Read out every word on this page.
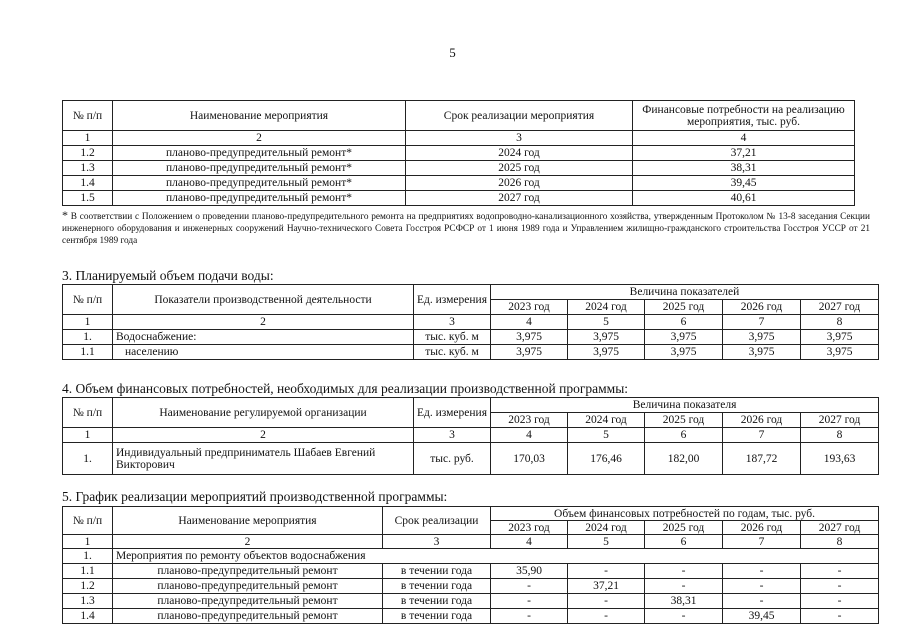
5
№ п/п	Наименование мероприятия	Срок реализации мероприятия	Финансовые потребности на реализацию мероприятия, тыс. руб.
1	2	3	4
1.2	планово-предупредительный ремонт*	2024 год	37,21
1.3	планово-предупредительный ремонт*	2025 год	38,31
1.4	планово-предупредительный ремонт*	2026 год	39,45
1.5	планово-предупредительный ремонт*	2027 год	40,61
* В соответствии с Положением о проведении планово-предупредительного ремонта на предприятиях водопроводно-канализационного хозяйства, утвержденным Протоколом № 13-8 заседания Секции инженерного оборудования и инженерных сооружений Научно-технического Совета Госстроя РСФСР от 1 июня 1989 года и Управлением жилищно-гражданского строительства Госстроя УССР от 21 сентября 1989 года
3. Планируемый объем подачи воды:
№ п/п	Показатели производственной деятельности	Ед. измерения	Величина показателей				
			2023 год	2024 год	2025 год	2026 год	2027 год
1	2	3	4	5	6	7	8
1.	Водоснабжение:	тыс. куб. м	3,975	3,975	3,975	3,975	3,975
1.1	населению	тыс. куб. м	3,975	3,975	3,975	3,975	3,975
4. Объем финансовых потребностей, необходимых для реализации производственной программы:
№ п/п	Наименование регулируемой организации	Ед. измерения	Величина показателя				
			2023 год	2024 год	2025 год	2026 год	2027 год
1	2	3	4	5	6	7	8
1.	Индивидуальный предприниматель Шабаев Евгений Викторович	тыс. руб.	170,03	176,46	182,00	187,72	193,63
5. График реализации мероприятий производственной программы:
№ п/п	Наименование мероприятия	Срок реализации	Объем финансовых потребностей по годам, тыс. руб.				
			2023 год	2024 год	2025 год	2026 год	2027 год
1	2	3	4	5	6	7	8
1.	Мероприятия по ремонту объектов водоснабжения						
1.1	планово-предупредительный ремонт	в течении года	35,90	-	-	-	-
1.2	планово-предупредительный ремонт	в течении года	-	37,21	-	-	-
1.3	планово-предупредительный ремонт	в течении года	-	-	38,31	-	-
1.4	планово-предупредительный ремонт	в течении года	-	-	-	39,45	-
